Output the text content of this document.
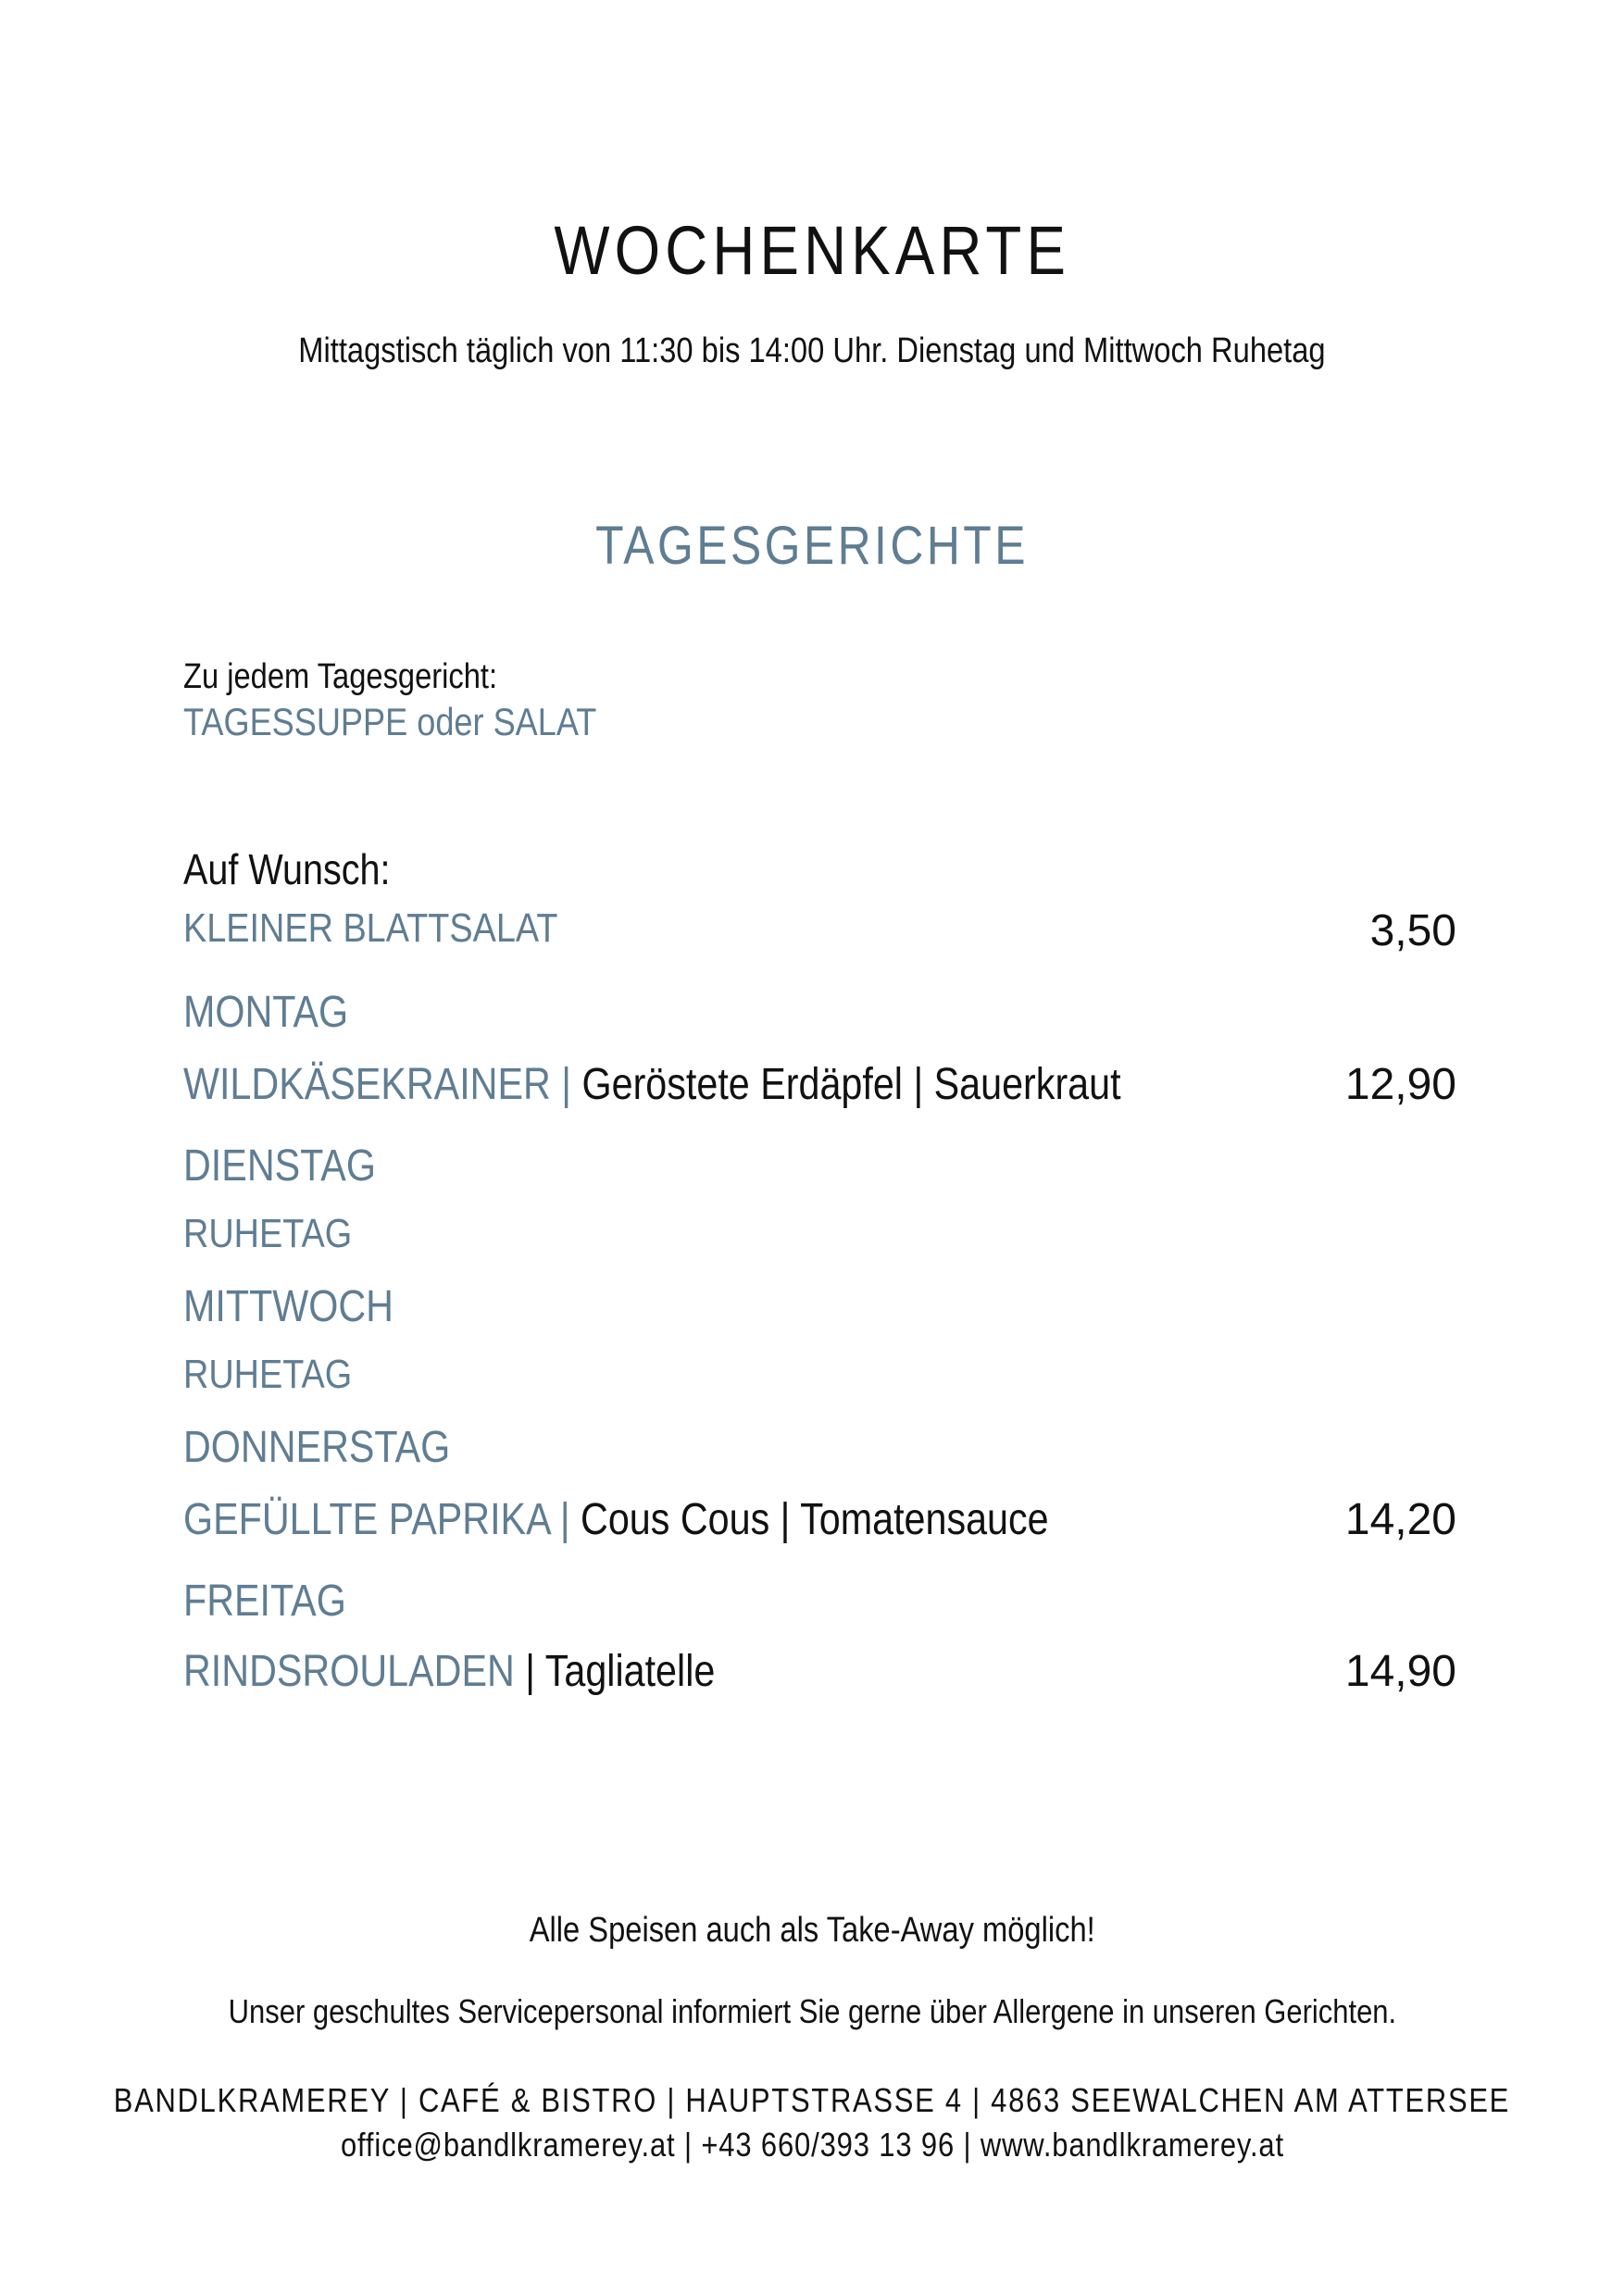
WOCHENKARTE
Mittagstisch täglich von 11:30 bis 14:00 Uhr. Dienstag und Mittwoch Ruhetag
TAGESGERICHTE
Zu jedem Tagesgericht:
TAGESSUPPE oder SALAT
Auf Wunsch:
KLEINER BLATTSALAT	3,50
MONTAG
WILDKÄSEKRAINER | Geröstete Erdäpfel | Sauerkraut	12,90
DIENSTAG
RUHETAG
MITTWOCH
RUHETAG
DONNERSTAG
GEFÜLLTE PAPRIKA | Cous Cous | Tomatensauce	14,20
FREITAG
RINDSROULADEN | Tagliatelle	14,90
Alle Speisen auch als Take-Away möglich!
Unser geschultes Servicepersonal informiert Sie gerne über Allergene in unseren Gerichten.
BANDLKRAMEREY | CAFÉ & BISTRO | HAUPTSTRASSE 4 | 4863 SEEWALCHEN AM ATTERSEE
office@bandlkramerey.at | +43 660/393 13 96 | www.bandlkramerey.at
